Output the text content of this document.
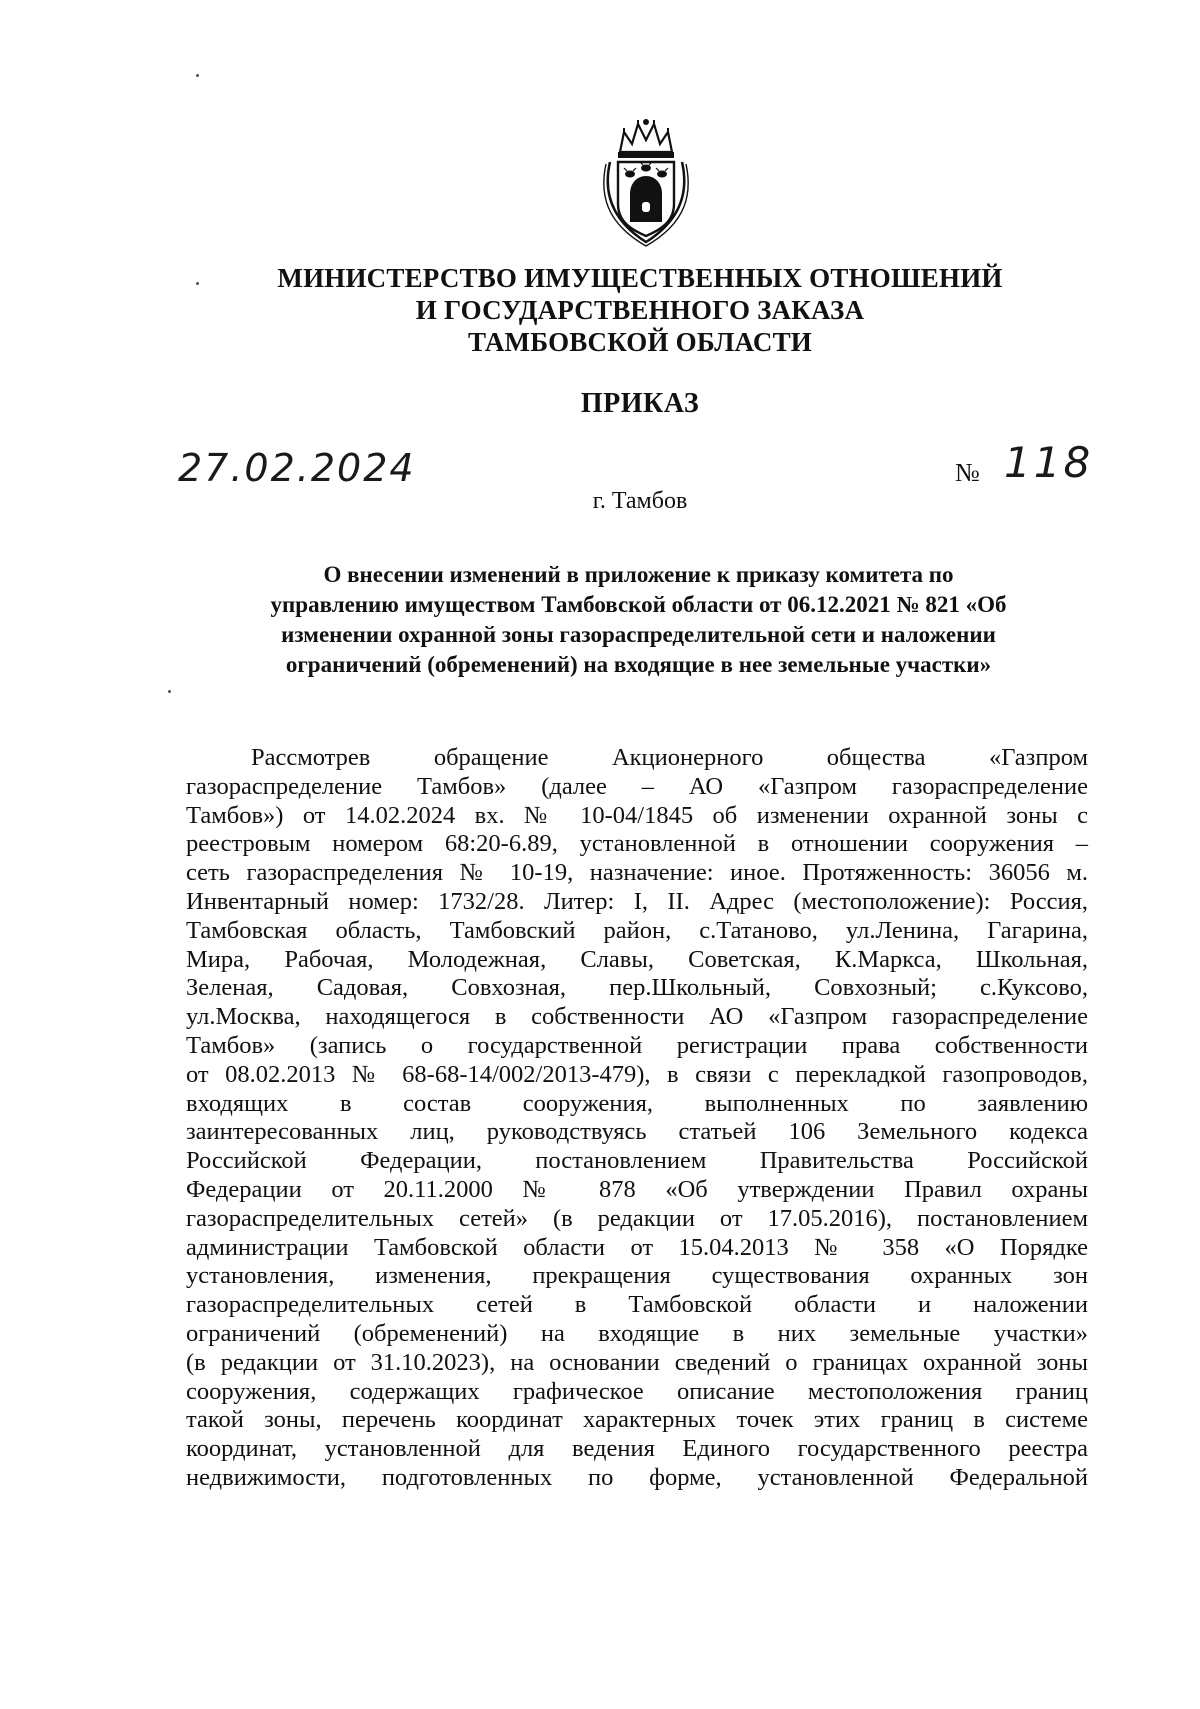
МИНИСТЕРСТВО ИМУЩЕСТВЕННЫХ ОТНОШЕНИЙ
И ГОСУДАРСТВЕННОГО ЗАКАЗА
ТАМБОВСКОЙ ОБЛАСТИ
ПРИКАЗ
27.02.2024	№ 118
г. Тамбов
О внесении изменений в приложение к приказу комитета по
управлению имуществом Тамбовской области от 06.12.2021 № 821 «Об
изменении охранной зоны газораспределительной сети и наложении
ограничений (обременений) на входящие в нее земельные участки»
Рассмотрев обращение Акционерного общества «Газпром
газораспределение Тамбов» (далее – АО «Газпром газораспределение
Тамбов») от 14.02.2024 вх. № 10-04/1845 об изменении охранной зоны с
реестровым номером 68:20-6.89, установленной в отношении сооружения –
сеть газораспределения № 10-19, назначение: иное. Протяженность: 36056 м.
Инвентарный номер: 1732/28. Литер: I, II. Адрес (местоположение): Россия,
Тамбовская область, Тамбовский район, с.Татаново, ул.Ленина, Гагарина,
Мира, Рабочая, Молодежная, Славы, Советская, К.Маркса, Школьная,
Зеленая, Садовая, Совхозная, пер.Школьный, Совхозный; с.Куксово,
ул.Москва, находящегося в собственности АО «Газпром газораспределение
Тамбов» (запись о государственной регистрации права собственности
от 08.02.2013 № 68-68-14/002/2013-479), в связи с перекладкой газопроводов,
входящих в состав сооружения, выполненных по заявлению
заинтересованных лиц, руководствуясь статьей 106 Земельного кодекса
Российской Федерации, постановлением Правительства Российской
Федерации от 20.11.2000 № 878 «Об утверждении Правил охраны
газораспределительных сетей» (в редакции от 17.05.2016), постановлением
администрации Тамбовской области от 15.04.2013 № 358 «О Порядке
установления, изменения, прекращения существования охранных зон
газораспределительных сетей в Тамбовской области и наложении
ограничений (обременений) на входящие в них земельные участки»
(в редакции от 31.10.2023), на основании сведений о границах охранной зоны
сооружения, содержащих графическое описание местоположения границ
такой зоны, перечень координат характерных точек этих границ в системе
координат, установленной для ведения Единого государственного реестра
недвижимости, подготовленных по форме, установленной Федеральной
